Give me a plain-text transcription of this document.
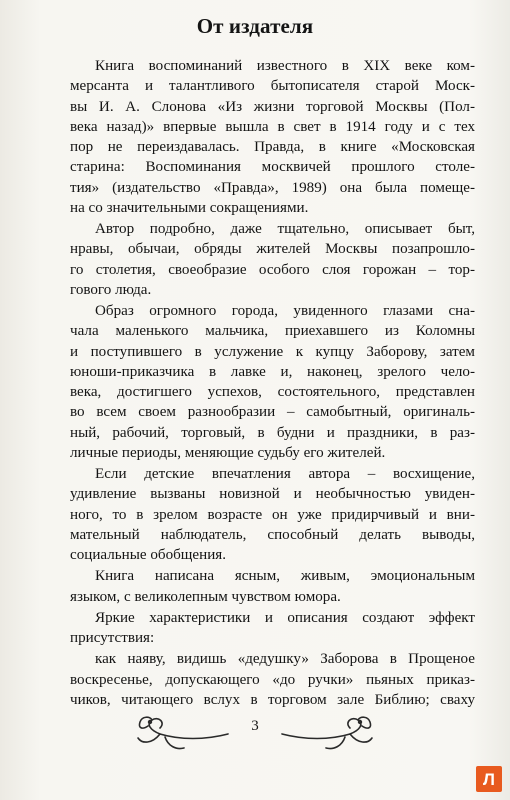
От издателя
Книга воспоминаний известного в XIX веке ком-
мерсанта и талантливого бытописателя старой Моск-
вы И. А. Слонова «Из жизни торговой Москвы (Пол-
века назад)» впервые вышла в свет в 1914 году и с тех
пор не переиздавалась. Правда, в книге «Московская
старина: Воспоминания москвичей прошлого столе-
тия» (издательство «Правда», 1989) она была помеще-
на со значительными сокращениями.
Автор подробно, даже тщательно, описывает быт,
нравы, обычаи, обряды жителей Москвы позапрошло-
го столетия, своеобразие особого слоя горожан – тор-
гового люда.
Образ огромного города, увиденного глазами сна-
чала маленького мальчика, приехавшего из Коломны
и поступившего в услужение к купцу Заборову, затем
юноши-приказчика в лавке и, наконец, зрелого чело-
века, достигшего успехов, состоятельного, представлен
во всем своем разнообразии – самобытный, оригиналь-
ный, рабочий, торговый, в будни и праздники, в раз-
личные периоды, меняющие судьбу его жителей.
Если детские впечатления автора – восхищение,
удивление вызваны новизной и необычностью увиден-
ного, то в зрелом возрасте он уже придирчивый и вни-
мательный наблюдатель, способный делать выводы,
социальные обобщения.
Книга написана ясным, живым, эмоциональным
языком, с великолепным чувством юмора.
Яркие характеристики и описания создают эффект
присутствия:
как наяву, видишь «дедушку» Заборова в Прощеное
воскресенье, допускающего «до ручки» пьяных приказ-
чиков, читающего вслух в торговом зале Библию; сваху
3
Л
